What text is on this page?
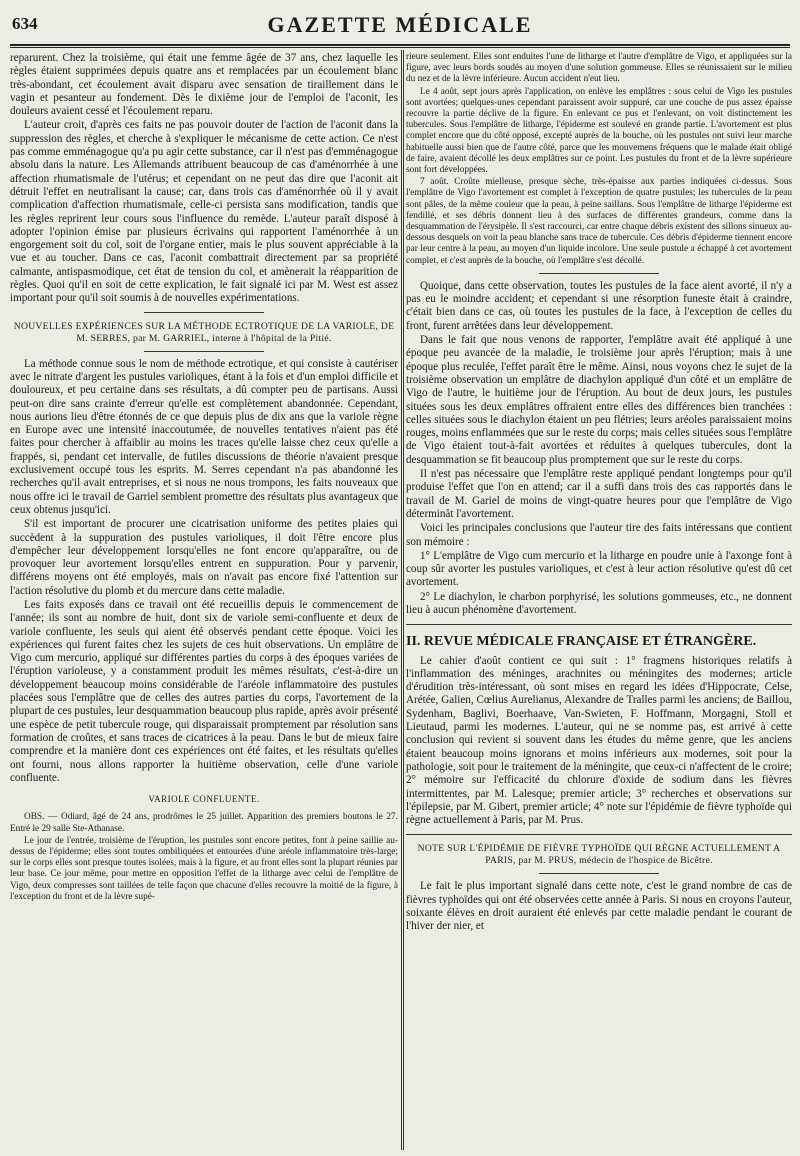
634	GAZETTE MÉDICALE

reparurent. Chez la troisième, qui était une femme âgée de 37 ans, chez laquelle les règles étaient supprimées depuis quatre ans et remplacées par un écoulement blanc très-abondant, cet écoulement avait disparu avec sensation de tiraillement dans le vagin et pesanteur au fondement. Dès le dixième jour de l'emploi de l'aconit, les douleurs avaient cessé et l'écoulement reparu.

L'auteur croit, d'après ces faits ne pas pouvoir douter de l'action de l'aconit dans la suppression des règles, et cherche à s'expliquer le mécanisme de cette action. Ce n'est pas comme emménagogue qu'a pu agir cette substance, car il n'est pas d'emménagogue absolu dans la nature. Les Allemands attribuent beaucoup de cas d'aménorrhée à une affection rhumatismale de l'utérus; et cependant on ne peut das dire que l'aconit ait détruit l'effet en neutralisant la cause; car, dans trois cas d'aménorrhée où il y avait complication d'affection rhumatismale, celle-ci persista sans modification, tandis que les règles reprirent leur cours sous l'influence du remède. L'auteur paraît disposé à adopter l'opinion émise par plusieurs écrivains qui rapportent l'aménorrhée à un engorgement soit du col, soit de l'organe entier, mais le plus souvent appréciable à la vue et au toucher. Dans ce cas, l'aconit combattrait directement par sa propriété calmante, antispasmodique, cet état de tension du col, et amènerait la réapparition de règles. Quoi qu'il en soit de cette explication, le fait signalé ici par M. West est assez important pour qu'il soit soumis à de nouvelles expérimentations.

NOUVELLES EXPÉRIENCES SUR LA MÉTHODE ECTROTIQUE DE LA VARIOLE, DE M. SERRES, par M. GARRIEL, interne à l'hôpital de la Pitié.

La méthode connue sous le nom de méthode ectrotique, et qui consiste à cautériser avec le nitrate d'argent les pustules varioliques, étant à la fois et d'un emploi difficile et douloureux, et peu certaine dans ses résultats, a dû compter peu de partisans. Aussi peut-on dire sans crainte d'erreur qu'elle est complètement abandonnée. Cependant, nous aurions lieu d'être étonnés de ce que depuis plus de dix ans que la variole règne en Europe avec une intensité inaccoutumée, de nouvelles tentatives n'aient pas été faites pour chercher à affaiblir au moins les traces qu'elle laisse chez ceux qu'elle a frappés, si, pendant cet intervalle, de futiles discussions de théorie n'avaient presque exclusivement occupé tous les esprits. M. Serres cependant n'a pas abandonné les recherches qu'il avait entreprises, et si nous ne nous trompons, les faits nouveaux que nous offre ici le travail de Garriel semblent promettre des résultats plus avantageux que ceux obtenus jusqu'ici.

S'il est important de procurer une cicatrisation uniforme des petites plaies qui succèdent à la suppuration des pustules varioliques, il doit l'être encore plus d'empêcher leur développement lorsqu'elles ne font encore qu'apparaître, ou de provoquer leur avortement lorsqu'elles entrent en suppuration. Pour y parvenir, différens moyens ont été employés, mais on n'avait pas encore fixé l'attention sur l'action résolutive du plomb et du mercure dans cette maladie.

Les faits exposés dans ce travail ont été recueillis depuis le commencement de l'année; ils sont au nombre de huit, dont six de variole semi-confluente et deux de variole confluente, les seuls qui aient été observés pendant cette époque. Voici les expériences qui furent faites chez les sujets de ces huit observations. Un emplâtre de Vigo cum mercurio, appliqué sur différentes parties du corps à des époques variées de l'éruption varioleuse, y a constamment produit les mêmes résultats, c'est-à-dire un développement beaucoup moins considérable de l'aréole inflammatoire des pustules placées sous l'emplâtre que de celles des autres parties du corps, l'avortement de la plupart de ces pustules, leur desquammation beaucoup plus rapide, après avoir présenté une espèce de petit tubercule rouge, qui disparaissait promptement par résolution sans formation de croûtes, et sans traces de cicatrices à la peau. Dans le but de mieux faire comprendre et la manière dont ces expériences ont été faites, et les résultats qu'elles ont fourni, nous allons rapporter la huitième observation, celle d'une variole confluente.

VARIOLE CONFLUENTE.

OBS. — Odiard, âgé de 24 ans, prodrômes le 25 juillet. Apparition des premiers boutons le 27. Entré le 29 salle Ste-Athanase.

Le jour de l'entrée, troisième de l'éruption, les pustules sont encore petites, font à peine saillie au-dessus de l'épiderme; elles sont toutes ombiliquées et entourées d'une aréole inflammatoire très-large; sur le corps elles sont presque toutes isolées, mais à la figure, et au front elles sont la plupart réunies par leur base. Ce jour même, pour mettre en opposition l'effet de la litharge avec celui de l'emplâtre de Vigo, deux compresses sont taillées de telle façon que chacune d'elles recouvre la moitié de la figure, à l'exception du front et de la lèvre supé-

rieure seulement. Elles sont enduites l'une de litharge et l'autre d'emplâtre de Vigo, et appliquées sur la figure, avec leurs bords soudés au moyen d'une solution gommeuse. Elles se réunissaient sur le milieu du nez et de la lèvre inférieure. Aucun accident n'eut lieu.

Le 4 août, sept jours après l'application, on enlève les emplâtres : sous celui de Vigo les pustules sont avortées; quelques-unes cependant paraissent avoir suppuré, car une couche de pus assez épaisse recouvre la partie déclive de la figure. En enlevant ce pus et l'enlevant, on voit distinctement les tubercules. Sous l'emplâtre de litharge, l'épiderme est soulevé en grande partie. L'avortement est plus complet encore que du côté opposé, excepté auprès de la bouche, où les pustules ont suivi leur marche habituelle aussi bien que de l'autre côté, parce que les mouvemens fréquens que le malade était obligé de faire, avaient décollé les deux emplâtres sur ce point. Les pustules du front et de la lèvre supérieure sont fort développées.

7 août. Croûte mielleuse, presque sèche, très-épaisse aux parties indiquées ci-dessus. Sous l'emplâtre de Vigo l'avortement est complet à l'exception de quatre pustules; les tubercules de la peau sont pâles, de la même couleur que la peau, à peine saillans. Sous l'emplâtre de litharge l'épiderme est fendillé, et ses débris donnent lieu à des surfaces de différentes grandeurs, comme dans la desquammation de l'érysipèle. Il s'est raccourci, car entre chaque débris existent des sillons sinueux au-dessous desquels on voit la peau blanche sans trace de tubercule. Ces débris d'épiderme tiennent encore par leur centre à la peau, au moyen d'un liquide incolore. Une seule pustule a échappé à cet avortement complet, et c'est auprès de la bouche, où l'emplâtre s'est décollé.

Quoique, dans cette observation, toutes les pustules de la face aient avorté, il n'y a pas eu le moindre accident; et cependant si une résorption funeste était à craindre, c'était bien dans ce cas, où toutes les pustules de la face, à l'exception de celles du front, furent arrêtées dans leur développement.

Dans le fait que nous venons de rapporter, l'emplâtre avait été appliqué à une époque peu avancée de la maladie, le troisième jour après l'éruption; mais à une époque plus reculée, l'effet paraît être le même. Ainsi, nous voyons chez le sujet de la troisième observation un emplâtre de diachylon appliqué d'un côté et un emplâtre de Vigo de l'autre, le huitième jour de l'éruption. Au bout de deux jours, les pustules situées sous les deux emplâtres offraient entre elles des différences bien tranchées : celles situées sous le diachylon étaient un peu flétries; leurs aréoles paraissaient moins rouges, moins enflammées que sur le reste du corps; mais celles situées sous l'emplâtre de Vigo étaient tout-à-fait avortées et réduites à quelques tubercules, dont la desquammation se fit beaucoup plus promptement que sur le reste du corps.

Il n'est pas nécessaire que l'emplâtre reste appliqué pendant longtemps pour qu'il produise l'effet que l'on en attend; car il a suffi dans trois des cas rapportés dans le travail de M. Gariel de moins de vingt-quatre heures pour que l'emplâtre de Vigo déterminât l'avortement.

Voici les principales conclusions que l'auteur tire des faits intéressans que contient son mémoire :

1° L'emplâtre de Vigo cum mercurio et la litharge en poudre unie à l'axonge font à coup sûr avorter les pustules varioliques, et c'est à leur action résolutive qu'est dû cet avortement.

2° Le diachylon, le charbon porphyrisé, les solutions gommeuses, etc., ne donnent lieu à aucun phénomène d'avortement.

II. REVUE MÉDICALE FRANÇAISE ET ÉTRANGÈRE.

Le cahier d'août contient ce qui suit : 1° fragmens historiques relatifs à l'inflammation des méninges, arachnites ou méningites des modernes; article d'érudition très-intéressant, où sont mises en regard les idées d'Hippocrate, Celse, Arétée, Galien, Cœlius Aurelianus, Alexandre de Tralles parmi les anciens; de Baillou, Sydenham, Baglivi, Boerhaave, Van-Swieten, F. Hoffmann, Morgagni, Stoll et Lieutaud, parmi les modernes. L'auteur, qui ne se nomme pas, est arrivé à cette conclusion qui revient si souvent dans les études du même genre, que les anciens étaient beaucoup moins ignorans et moins inférieurs aux modernes, soit pour la pathologie, soit pour le traitement de la méningite, que ceux-ci n'affectent de le croire; 2° mémoire sur l'efficacité du chlorure d'oxide de sodium dans les fièvres intermittentes, par M. Lalesque; premier article; 3° recherches et observations sur l'épilepsie, par M. Gibert, premier article; 4° note sur l'épidémie de fièvre typhoïde qui règne actuellement à Paris, par M. Prus.

NOTE SUR L'ÉPIDÉMIE DE FIÈVRE TYPHOÏDE QUI RÈGNE ACTUELLEMENT A PARIS, par M. PRUS, médecin de l'hospice de Bicêtre.

Le fait le plus important signalé dans cette note, c'est le grand nombre de cas de fièvres typhoïdes qui ont été observées cette année à Paris. Si nous en croyons l'auteur, soixante élèves en droit auraient été enlevés par cette maladie pendant le courant de l'hiver der nier, et
